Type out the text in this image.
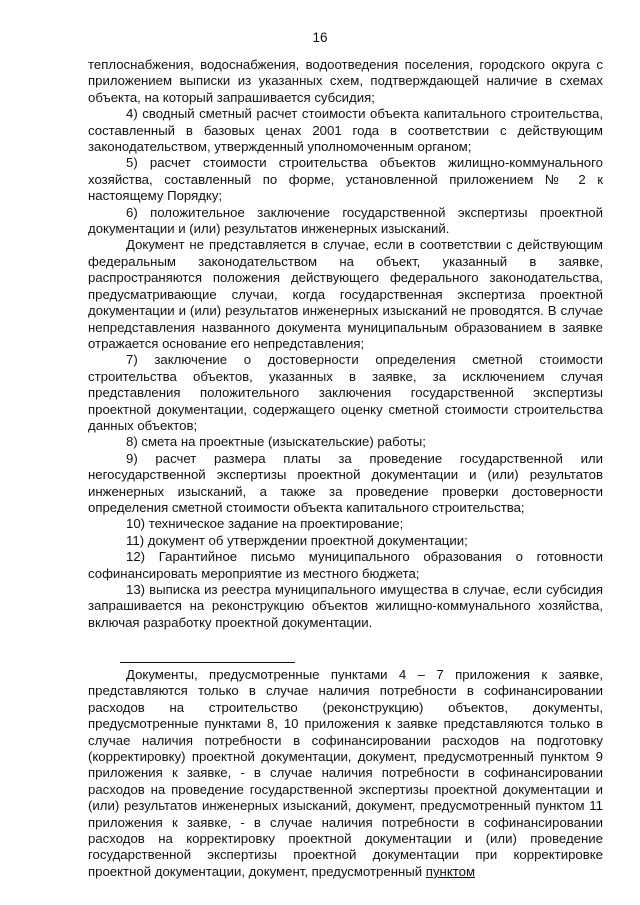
16

теплоснабжения, водоснабжения, водоотведения поселения, городского округа с приложением выписки из указанных схем, подтверждающей наличие в схемах объекта, на который запрашивается субсидия;

4) сводный сметный расчет стоимости объекта капитального строительства, составленный в базовых ценах 2001 года в соответствии с действующим законодательством, утвержденный уполномоченным органом;

5) расчет стоимости строительства объектов жилищно-коммунального хозяйства, составленный по форме, установленной приложением № 2 к настоящему Порядку;

6) положительное заключение государственной экспертизы проектной документации и (или) результатов инженерных изысканий.

Документ не представляется в случае, если в соответствии с действующим федеральным законодательством на объект, указанный в заявке, распространяются положения действующего федерального законодательства, предусматривающие случаи, когда государственная экспертиза проектной документации и (или) результатов инженерных изысканий не проводятся. В случае непредставления названного документа муниципальным образованием в заявке отражается основание его непредставления;

7) заключение о достоверности определения сметной стоимости строительства объектов, указанных в заявке, за исключением случая представления положительного заключения государственной экспертизы проектной документации, содержащего оценку сметной стоимости строительства данных объектов;

8) смета на проектные (изыскательские) работы;

9) расчет размера платы за проведение государственной или негосударственной экспертизы проектной документации и (или) результатов инженерных изысканий, а также за проведение проверки достоверности определения сметной стоимости объекта капитального строительства;

10) техническое задание на проектирование;

11) документ об утверждении проектной документации;

12) Гарантийное письмо муниципального образования о готовности софинансировать мероприятие из местного бюджета;

13) выписка из реестра муниципального имущества в случае, если субсидия запрашивается на реконструкцию объектов жилищно-коммунального хозяйства, включая разработку проектной документации.

Документы, предусмотренные пунктами 4 – 7 приложения к заявке, представляются только в случае наличия потребности в софинансировании расходов на строительство (реконструкцию) объектов, документы, предусмотренные пунктами 8, 10 приложения к заявке представляются только в случае наличия потребности в софинансировании расходов на подготовку (корректировку) проектной документации, документ, предусмотренный пунктом 9 приложения к заявке, - в случае наличия потребности в софинансировании расходов на проведение государственной экспертизы проектной документации и (или) результатов инженерных изысканий, документ, предусмотренный пунктом 11 приложения к заявке, - в случае наличия потребности в софинансировании расходов на корректировку проектной документации и (или) проведение государственной экспертизы проектной документации при корректировке проектной документации, документ, предусмотренный пунктом
